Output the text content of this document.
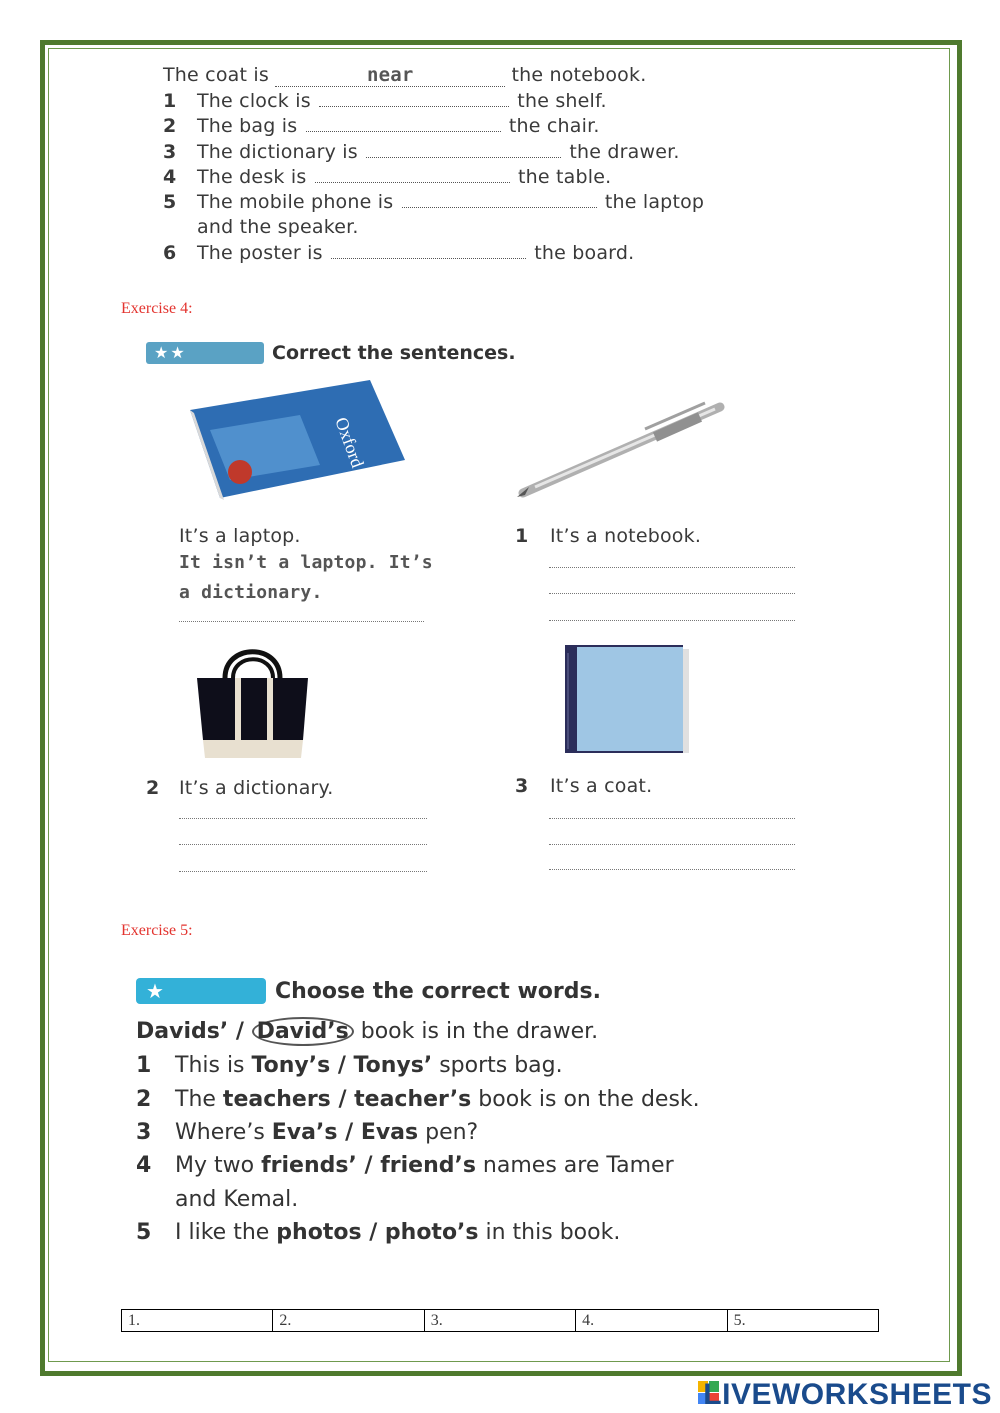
The coat is	near	the notebook.
1 The clock is	the shelf.
2 The bag is	the chair.
3 The dictionary is	the drawer.
4 The desk is	the table.
5 The mobile phone is	the laptop
and the speaker.
6 The poster is	the board.
Exercise 4:
★★	Correct the sentences.
Oxford
It’s a laptop.
It isn’t a laptop. It’s
a dictionary.
1 It’s a notebook.
2 It’s a dictionary.	3 It’s a coat.
Exercise 5:
★	Choose the correct words.
Davids’ / David’s book is in the drawer.
1 This is Tony’s / Tonys’ sports bag.
2 The teachers / teacher’s book is on the desk.
3 Where’s Eva’s / Evas pen?
4 My two friends’ / friend’s names are Tamer
and Kemal.
5 I like the photos / photo’s in this book.
1.	2.	3.	4.	5.
LIVEWORKSHEETS
